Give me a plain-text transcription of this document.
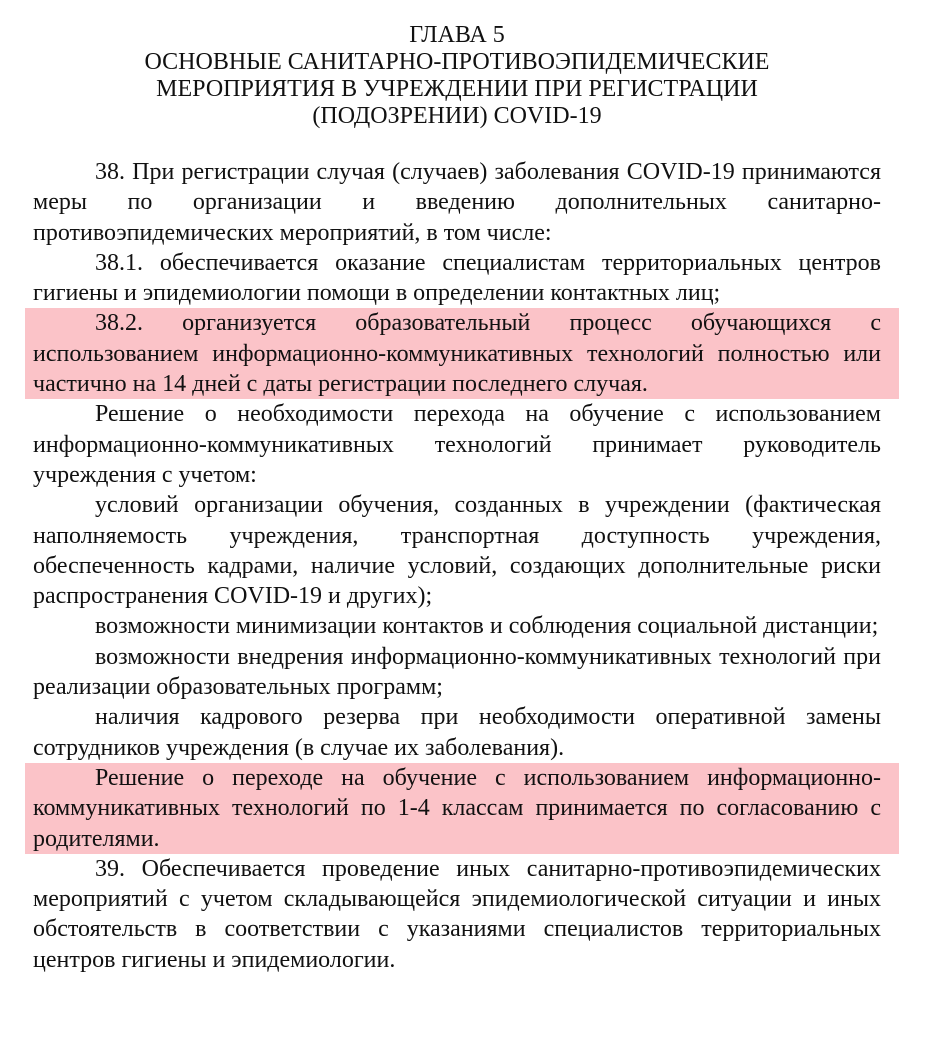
ГЛАВА 5
ОСНОВНЫЕ САНИТАРНО-ПРОТИВОЭПИДЕМИЧЕСКИЕ
МЕРОПРИЯТИЯ В УЧРЕЖДЕНИИ ПРИ РЕГИСТРАЦИИ
(ПОДОЗРЕНИИ) COVID-19

38. При регистрации случая (случаев) заболевания COVID-19 принимаются меры по организации и введению дополнительных санитарно-противоэпидемических мероприятий, в том числе:

38.1. обеспечивается оказание специалистам территориальных центров гигиены и эпидемиологии помощи в определении контактных лиц;

38.2. организуется образовательный процесс обучающихся с использованием информационно-коммуникативных технологий полностью или частично на 14 дней с даты регистрации последнего случая.

Решение о необходимости перехода на обучение с использованием информационно-коммуникативных технологий принимает руководитель учреждения с учетом:

условий организации обучения, созданных в учреждении (фактическая наполняемость учреждения, транспортная доступность учреждения, обеспеченность кадрами, наличие условий, создающих дополнительные риски распространения COVID-19 и других);

возможности минимизации контактов и соблюдения социальной дистанции;

возможности внедрения информационно-коммуникативных технологий при реализации образовательных программ;

наличия кадрового резерва при необходимости оперативной замены сотрудников учреждения (в случае их заболевания).

Решение о переходе на обучение с использованием информационно-коммуникативных технологий по 1-4 классам принимается по согласованию с родителями.

39. Обеспечивается проведение иных санитарно-противоэпидемических мероприятий с учетом складывающейся эпидемиологической ситуации и иных обстоятельств в соответствии с указаниями специалистов территориальных центров гигиены и эпидемиологии.
